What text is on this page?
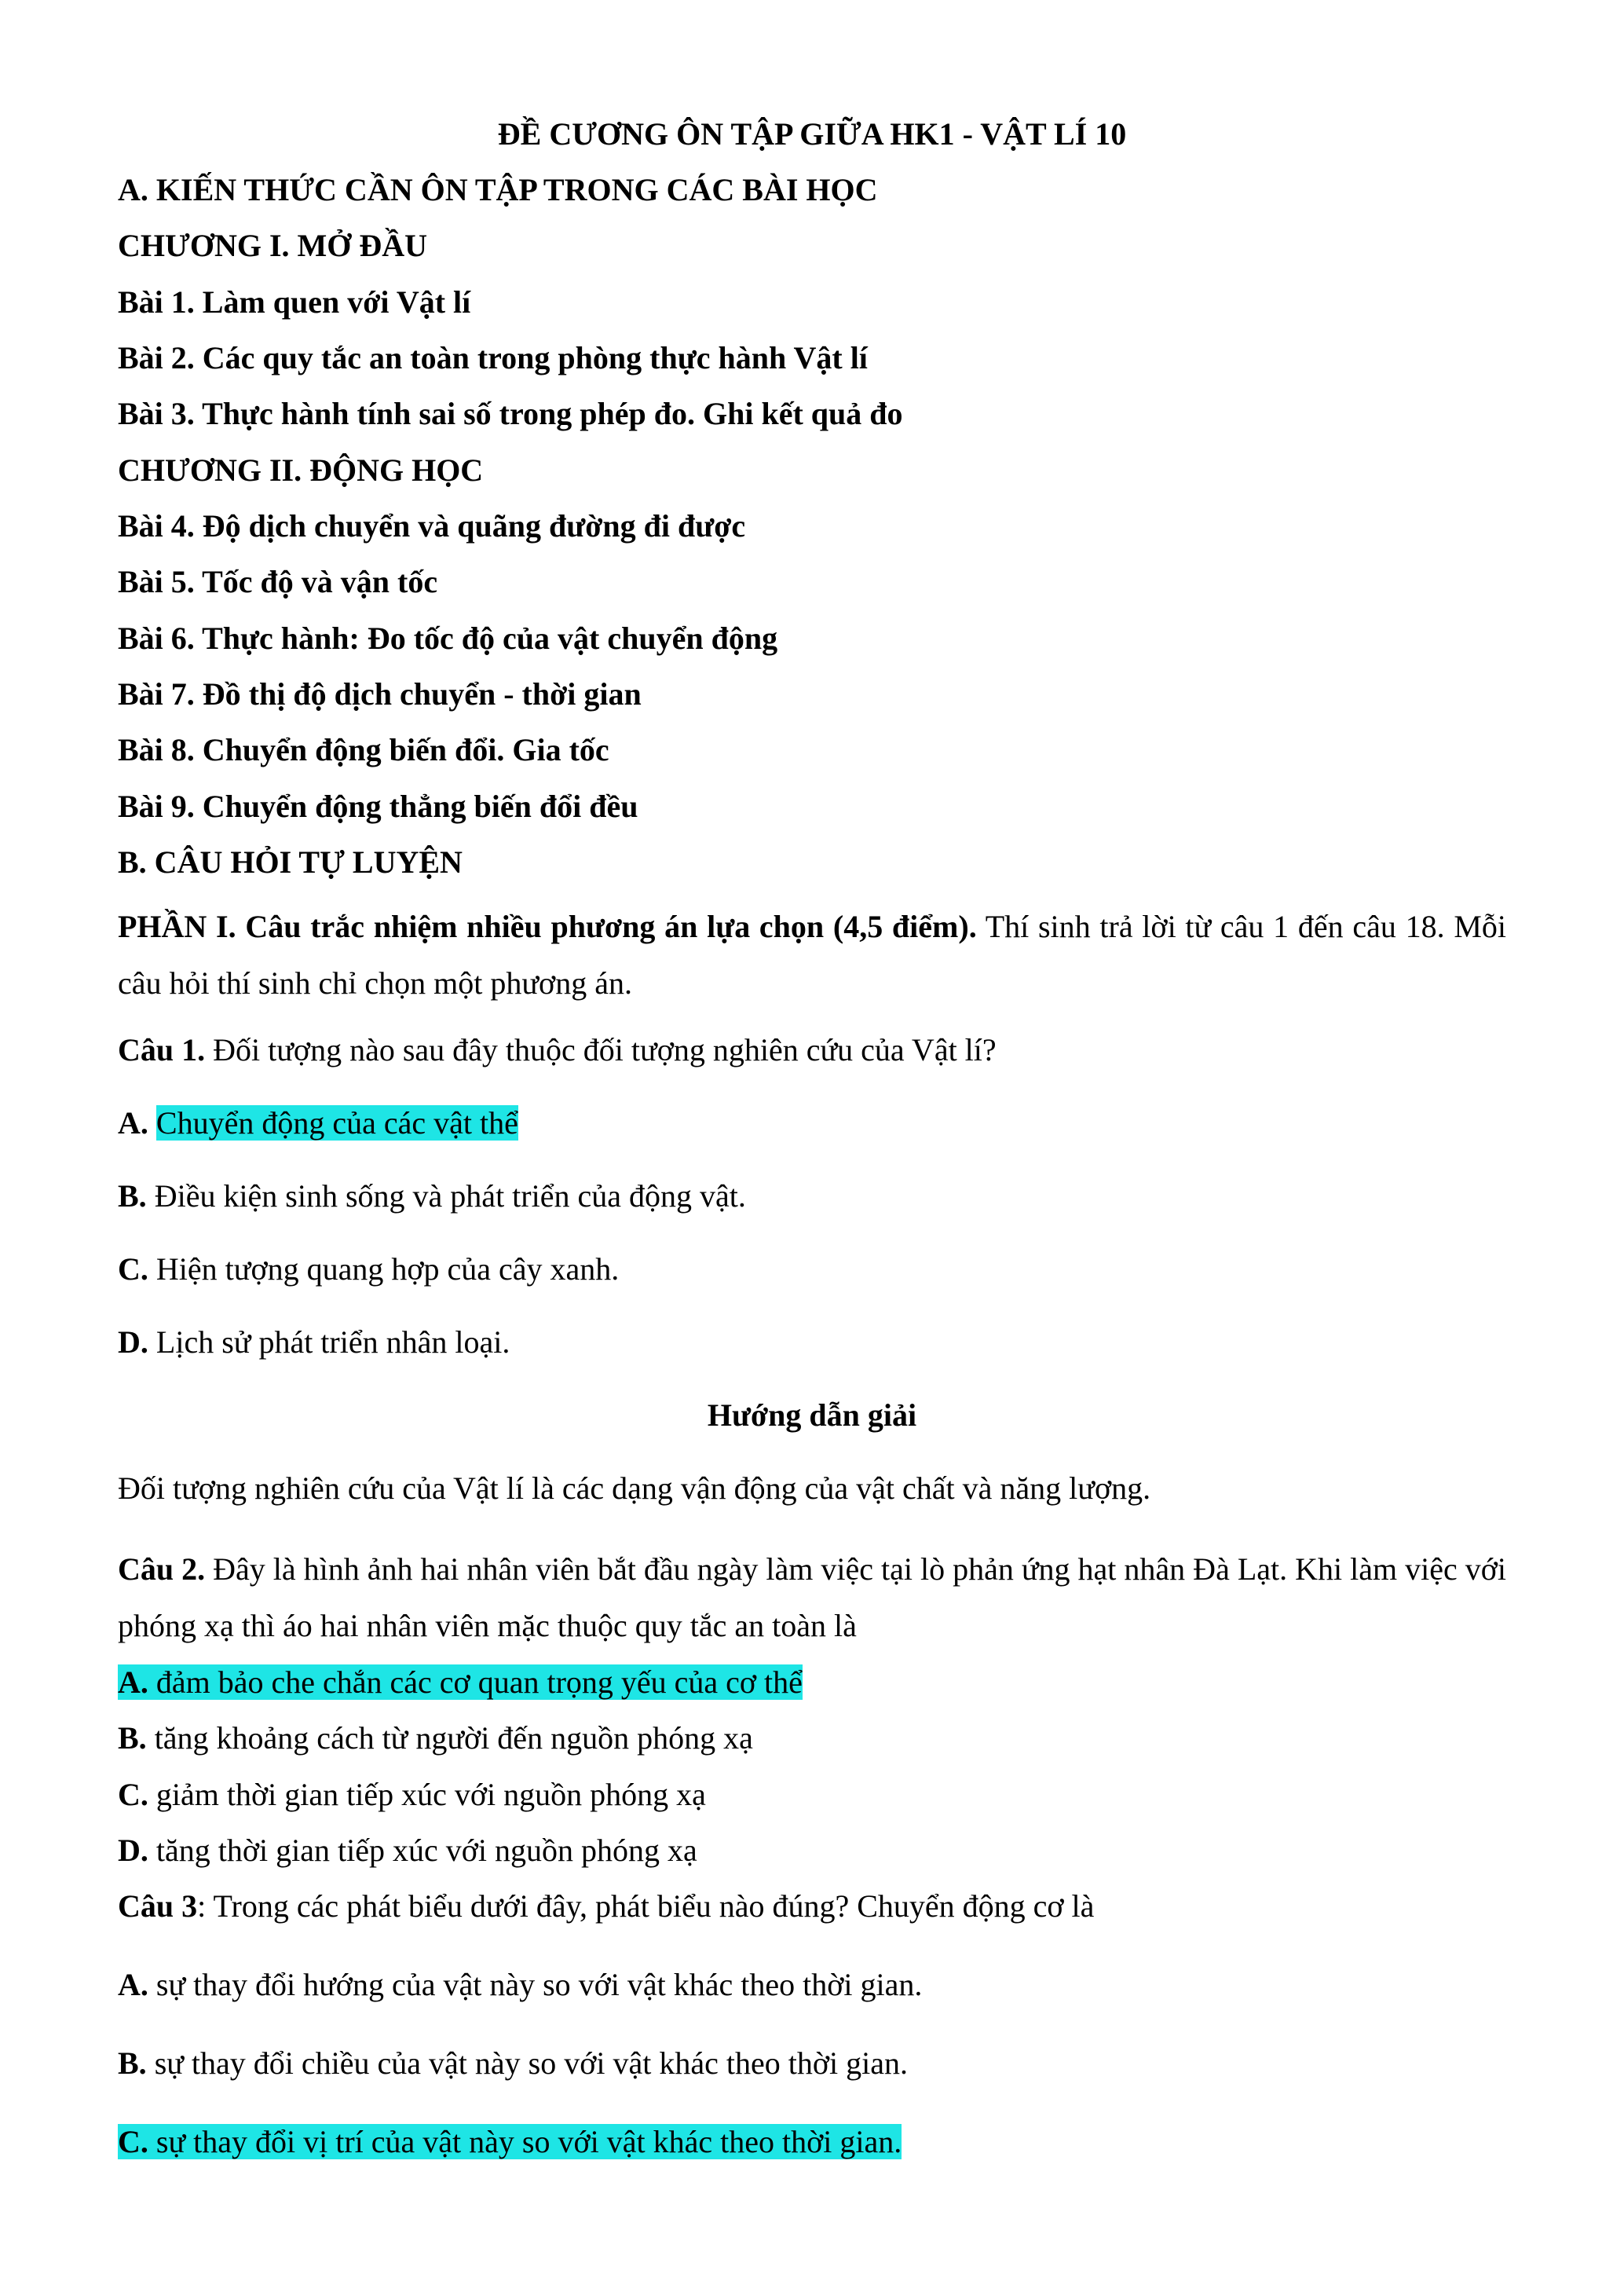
ĐỀ CƯƠNG ÔN TẬP GIỮA HK1 - VẬT LÍ 10
A. KIẾN THỨC CẦN ÔN TẬP TRONG CÁC BÀI HỌC
CHƯƠNG I. MỞ ĐẦU
Bài 1. Làm quen với Vật lí
Bài 2. Các quy tắc an toàn trong phòng thực hành Vật lí
Bài 3. Thực hành tính sai số trong phép đo. Ghi kết quả đo
CHƯƠNG II. ĐỘNG HỌC
Bài 4. Độ dịch chuyển và quãng đường đi được
Bài 5. Tốc độ và vận tốc
Bài 6. Thực hành: Đo tốc độ của vật chuyển động
Bài 7. Đồ thị độ dịch chuyển - thời gian
Bài 8. Chuyển động biến đổi. Gia tốc
Bài 9. Chuyển động thẳng biến đổi đều
B. CÂU HỎI TỰ LUYỆN
PHẦN I. Câu trắc nhiệm nhiều phương án lựa chọn (4,5 điểm). Thí sinh trả lời từ câu 1 đến câu 18. Mỗi câu hỏi thí sinh chỉ chọn một phương án.
Câu 1. Đối tượng nào sau đây thuộc đối tượng nghiên cứu của Vật lí?
A. Chuyển động của các vật thể
B. Điều kiện sinh sống và phát triển của động vật.
C. Hiện tượng quang hợp của cây xanh.
D. Lịch sử phát triển nhân loại.
Hướng dẫn giải
Đối tượng nghiên cứu của Vật lí là các dạng vận động của vật chất và năng lượng.
Câu 2. Đây là hình ảnh hai nhân viên bắt đầu ngày làm việc tại lò phản ứng hạt nhân Đà Lạt. Khi làm việc với phóng xạ thì áo hai nhân viên mặc thuộc quy tắc an toàn là
A. đảm bảo che chắn các cơ quan trọng yếu của cơ thể
B. tăng khoảng cách từ người đến nguồn phóng xạ
C. giảm thời gian tiếp xúc với nguồn phóng xạ
D. tăng thời gian tiếp xúc với nguồn phóng xạ
Câu 3: Trong các phát biểu dưới đây, phát biểu nào đúng? Chuyển động cơ là
A. sự thay đổi hướng của vật này so với vật khác theo thời gian.
B. sự thay đổi chiều của vật này so với vật khác theo thời gian.
C. sự thay đổi vị trí của vật này so với vật khác theo thời gian.
